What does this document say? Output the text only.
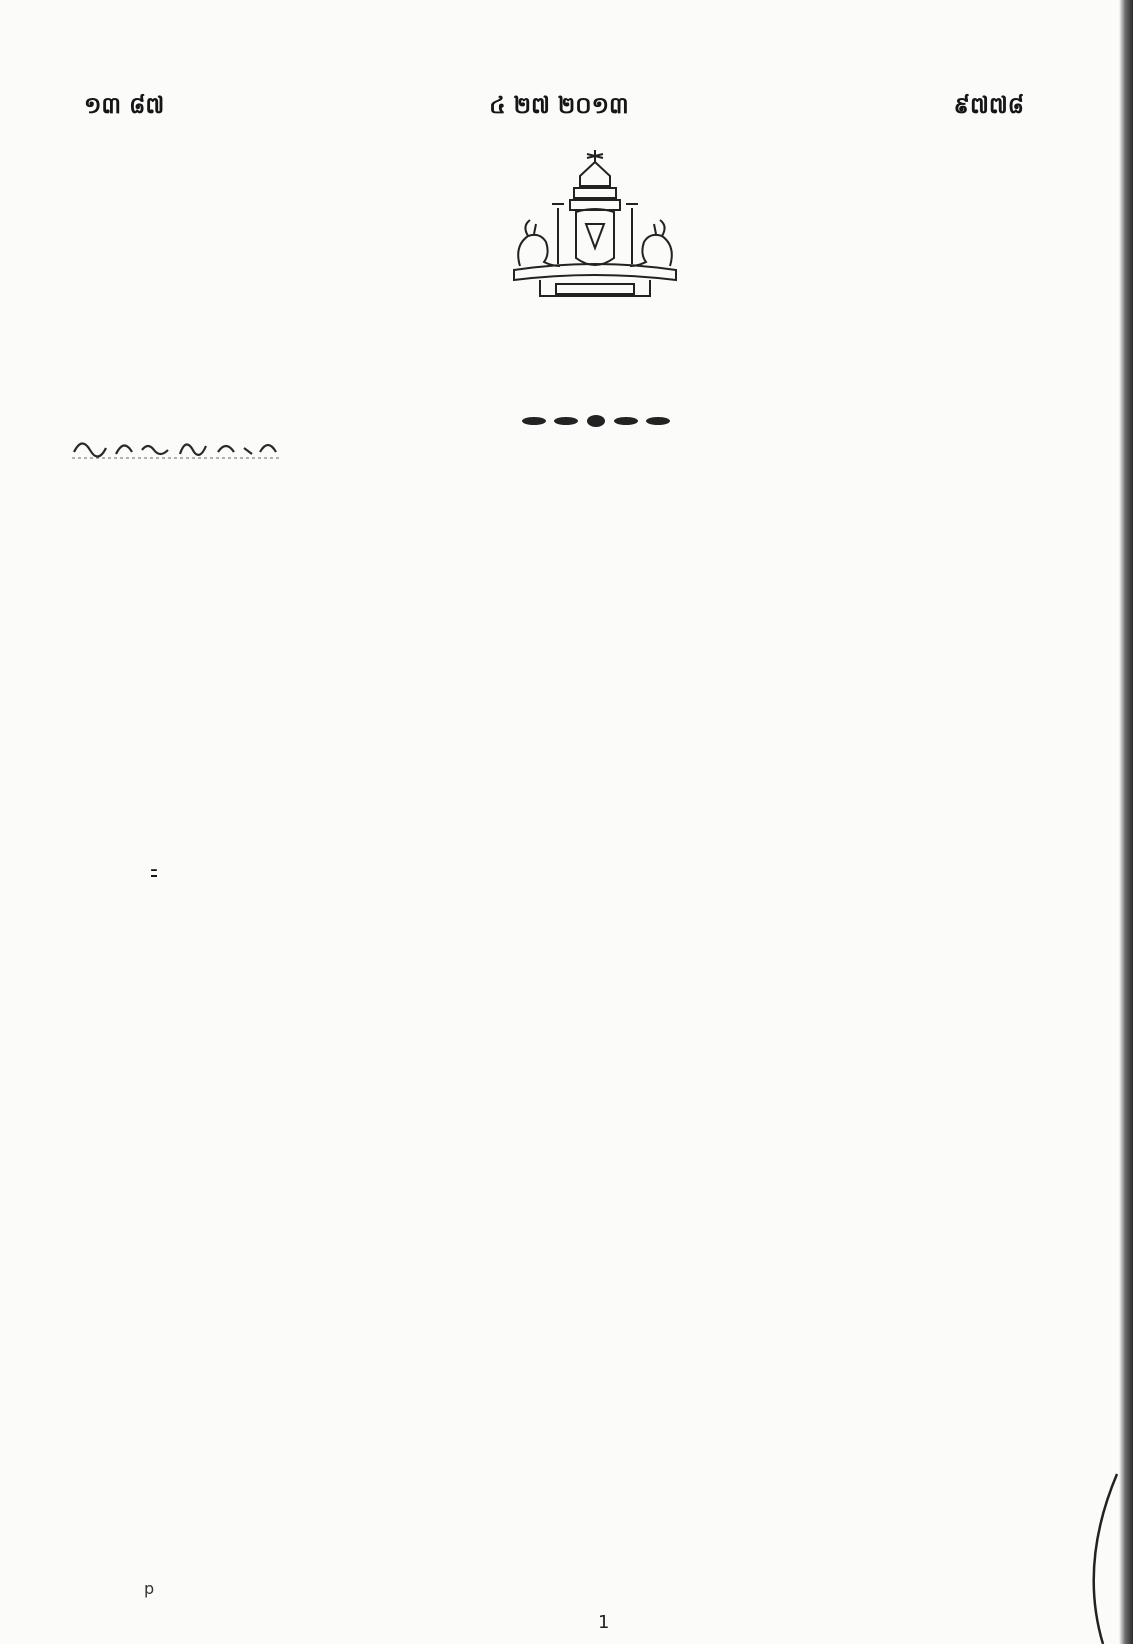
១៣ ៨៧	៤ ២៧ ២០១៣	៩៧៧៨
p
1
